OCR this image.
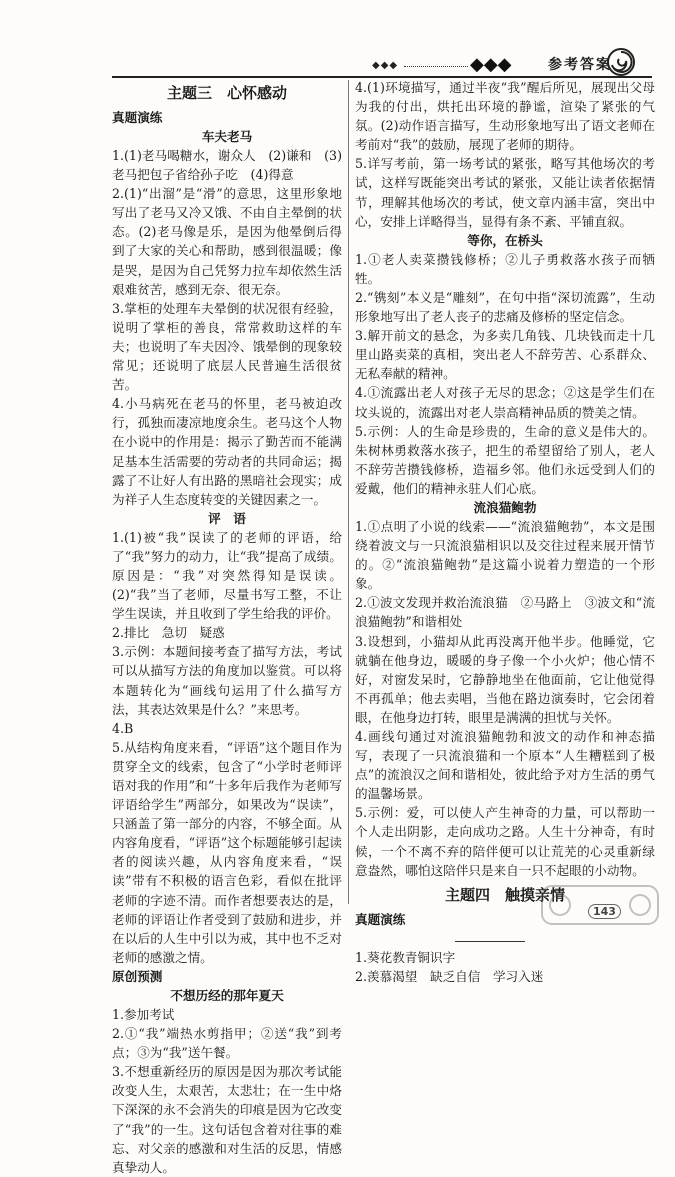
◆◆◆	◆◆◆	参考答案
主题三　心怀感动
真题演练
车夫老马

1.(1)老马喝糖水，谢众人　(2)谦和　(3)老马把包子省给孙子吃　(4)得意

2.(1)“出溜”是“滑”的意思，这里形象地写出了老马又冷又饿、不由自主晕倒的状态。(2)老马像是乐，是因为他晕倒后得到了大家的关心和帮助，感到很温暖；像是哭，是因为自己凭努力拉车却依然生活艰难贫苦，感到无奈、很无奈。

3.掌柜的处理车夫晕倒的状况很有经验，说明了掌柜的善良，常常救助这样的车夫；也说明了车夫因冷、饿晕倒的现象较常见；还说明了底层人民普遍生活很贫苦。

4.小马病死在老马的怀里，老马被迫改行，孤独而凄凉地度余生。老马这个人物在小说中的作用是：揭示了勤苦而不能满足基本生活需要的劳动者的共同命运；揭露了不让好人有出路的黑暗社会现实；成为祥子人生态度转变的关键因素之一。

评　语

1.(1)被“我”误读了的老师的评语，给了“我”努力的动力，让“我”提高了成绩。原因是：“我”对突然得知是误读。(2)“我”当了老师，尽量书写工整，不让学生误读，并且收到了学生给我的评价。

2.排比　急切　疑惑

3.示例：本题间接考查了描写方法，考试可以从描写方法的角度加以鉴赏。可以将本题转化为“画线句运用了什么描写方法，其表达效果是什么？”来思考。

4.B

5.从结构角度来看，“评语”这个题目作为贯穿全文的线索，包含了“小学时老师评语对我的作用”和“十多年后我作为老师写评语给学生”两部分，如果改为“误读”，只涵盖了第一部分的内容，不够全面。从内容角度看，“评语”这个标题能够引起读者的阅读兴趣，从内容角度来看，“误读”带有不积极的语言色彩，看似在批评老师的字迹不清。而作者想要表达的是，老师的评语让作者受到了鼓励和进步，并在以后的人生中引以为戒，其中也不乏对老师的感激之情。

原创预测
不想历经的那年夏天

1.参加考试

2.①“我”端热水剪指甲；②送“我”到考点；③为“我”送午餐。

3.不想重新经历的原因是因为那次考试能改变人生，太艰苦，太悲壮；在一生中烙下深深的永不会消失的印痕是因为它改变了“我”的一生。这句话包含着对往事的难忘、对父亲的感激和对生活的反思，情感真挚动人。

4.(1)环境描写，通过半夜“我”醒后所见，展现出父母为我的付出，烘托出环境的静谧，渲染了紧张的气氛。(2)动作语言描写，生动形象地写出了语文老师在考前对“我”的鼓励，展现了老师的期待。

5.详写考前，第一场考试的紧张，略写其他场次的考试，这样写既能突出考试的紧张，又能让读者依据情节，理解其他场次的考试，使文章内涵丰富，突出中心，安排上详略得当，显得有条不紊、平铺直叙。

等你，在桥头

1.①老人卖菜攒钱修桥；②儿子勇救落水孩子而牺牲。

2.“镌刻”本义是“雕刻”，在句中指“深切流露”，生动形象地写出了老人丧子的悲痛及修桥的坚定信念。

3.解开前文的悬念，为多卖几角钱、几块钱而走十几里山路卖菜的真相，突出老人不辞劳苦、心系群众、无私奉献的精神。

4.①流露出老人对孩子无尽的思念；②这是学生们在坟头说的，流露出对老人崇高精神品质的赞美之情。

5.示例：人的生命是珍贵的，生命的意义是伟大的。朱树林勇救落水孩子，把生的希望留给了别人，老人不辞劳苦攒钱修桥，造福乡邻。他们永远受到人们的爱戴，他们的精神永驻人们心底。

流浪猫鲍勃

1.①点明了小说的线索——“流浪猫鲍勃”，本文是围绕着波文与一只流浪猫相识以及交往过程来展开情节的。②“流浪猫鲍勃”是这篇小说着力塑造的一个形象。

2.①波文发现并救治流浪猫　②马路上　③波文和“流浪猫鲍勃”和谐相处

3.设想到，小猫却从此再没离开他半步。他睡觉，它就躺在他身边，暖暖的身子像一个小火炉；他心情不好，对窗发呆时，它静静地坐在他面前，它让他觉得不再孤单；他去卖唱，当他在路边演奏时，它会闭着眼，在他身边打转，眼里是满满的担忧与关怀。

4.画线句通过对流浪猫鲍勃和波文的动作和神态描写，表现了一只流浪猫和一个原本“人生糟糕到了极点”的流浪汉之间和谐相处，彼此给予对方生活的勇气的温馨场景。

5.示例：爱，可以使人产生神奇的力量，可以帮助一个人走出阴影，走向成功之路。人生十分神奇，有时候，一个不离不弃的陪伴便可以让荒芜的心灵重新绿意盎然，哪怕这陪伴只是来自一只不起眼的小动物。

主题四　触摸亲情
真题演练

1.葵花教青铜识字

2.羡慕渴望　缺乏自信　学习入迷

143
